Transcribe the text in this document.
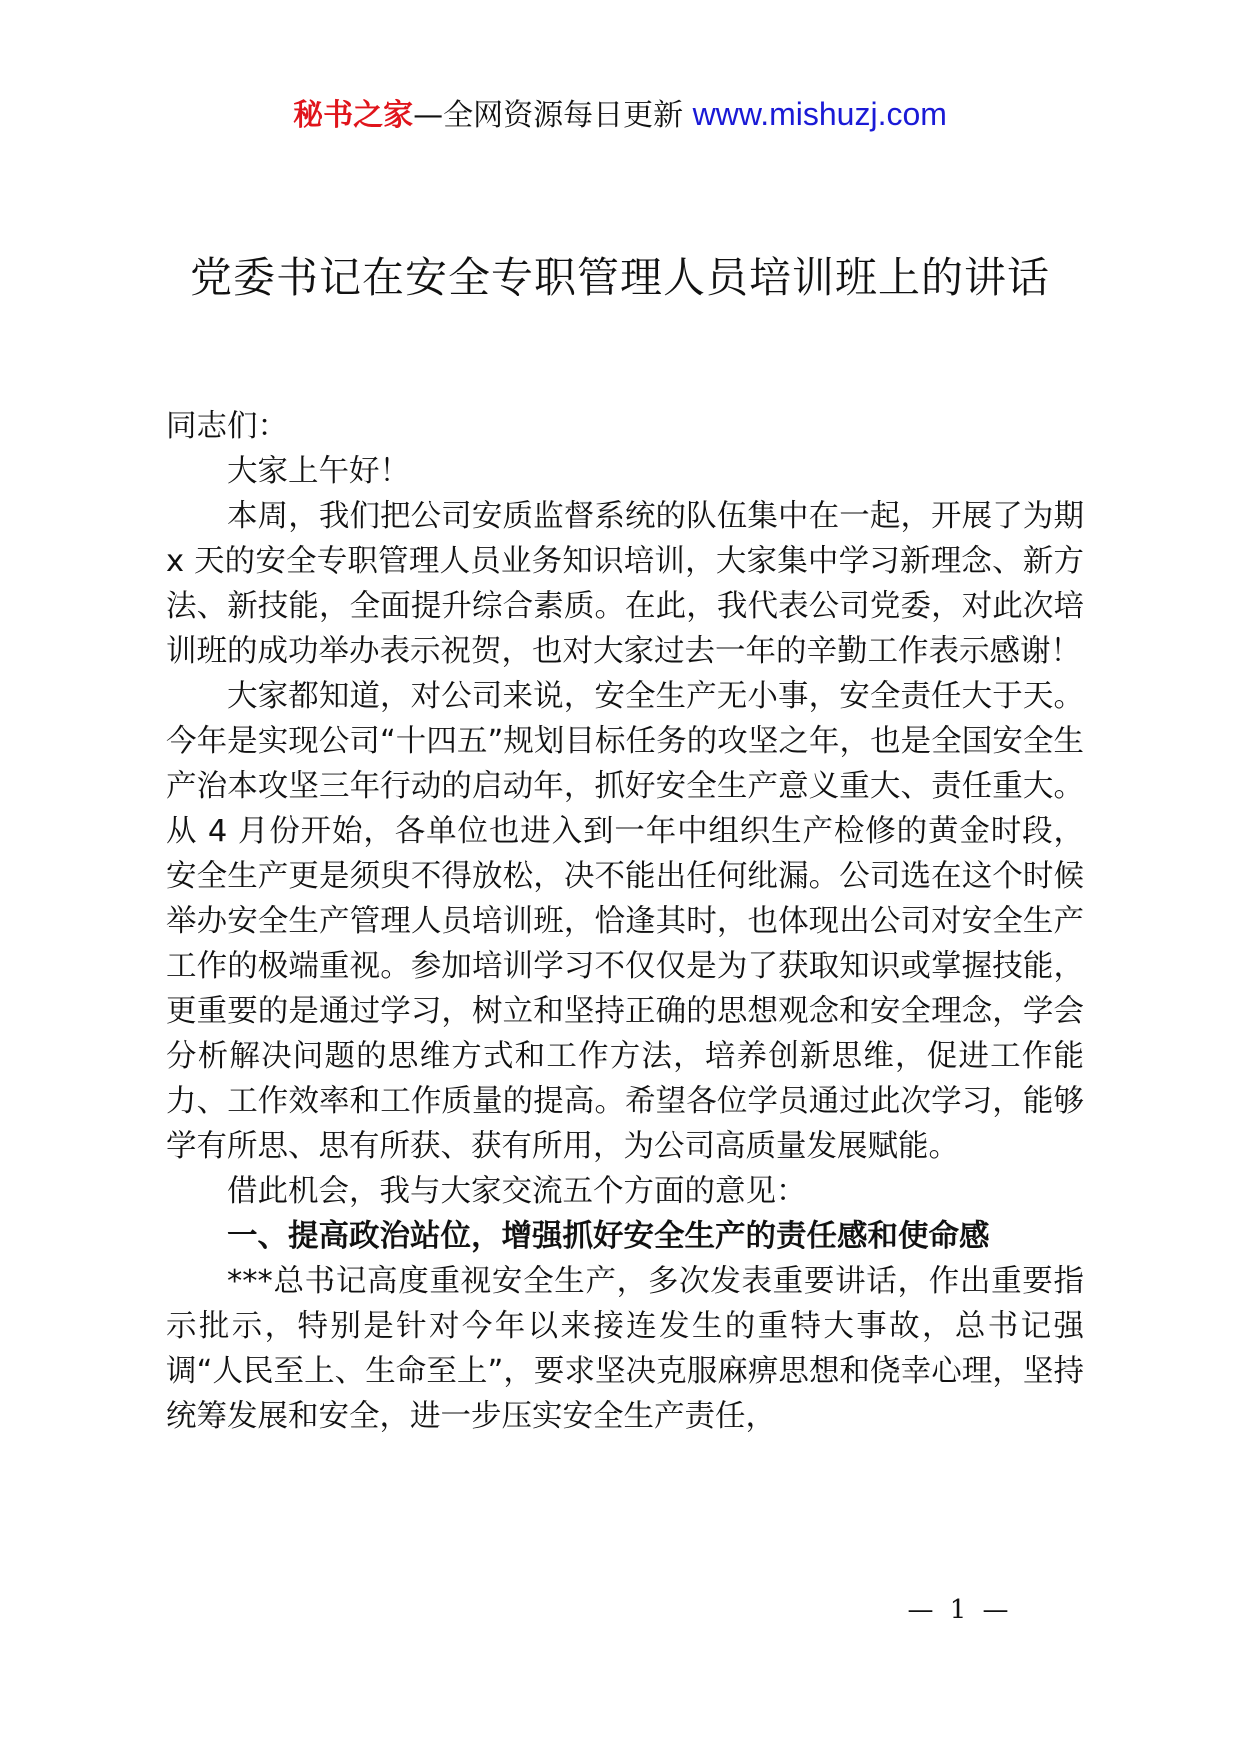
秘书之家—全网资源每日更新 www.mishuzj.com
党委书记在安全专职管理人员培训班上的讲话

同志们：

大家上午好！

本周，我们把公司安质监督系统的队伍集中在一起，开展了为期 x 天的安全专职管理人员业务知识培训，大家集中学习新理念、新方法、新技能，全面提升综合素质。在此，我代表公司党委，对此次培训班的成功举办表示祝贺，也对大家过去一年的辛勤工作表示感谢！

大家都知道，对公司来说，安全生产无小事，安全责任大于天。今年是实现公司“十四五”规划目标任务的攻坚之年，也是全国安全生产治本攻坚三年行动的启动年，抓好安全生产意义重大、责任重大。从 4 月份开始，各单位也进入到一年中组织生产检修的黄金时段，安全生产更是须臾不得放松，决不能出任何纰漏。公司选在这个时候举办安全生产管理人员培训班，恰逢其时，也体现出公司对安全生产工作的极端重视。参加培训学习不仅仅是为了获取知识或掌握技能，更重要的是通过学习，树立和坚持正确的思想观念和安全理念，学会分析解决问题的思维方式和工作方法，培养创新思维，促进工作能力、工作效率和工作质量的提高。希望各位学员通过此次学习，能够学有所思、思有所获、获有所用，为公司高质量发展赋能。

借此机会，我与大家交流五个方面的意见：

一、提高政治站位，增强抓好安全生产的责任感和使命感

***总书记高度重视安全生产，多次发表重要讲话，作出重要指示批示，特别是针对今年以来接连发生的重特大事故，总书记强调“人民至上、生命至上”，要求坚决克服麻痹思想和侥幸心理，坚持统筹发展和安全，进一步压实安全生产责任，

— 1 —
